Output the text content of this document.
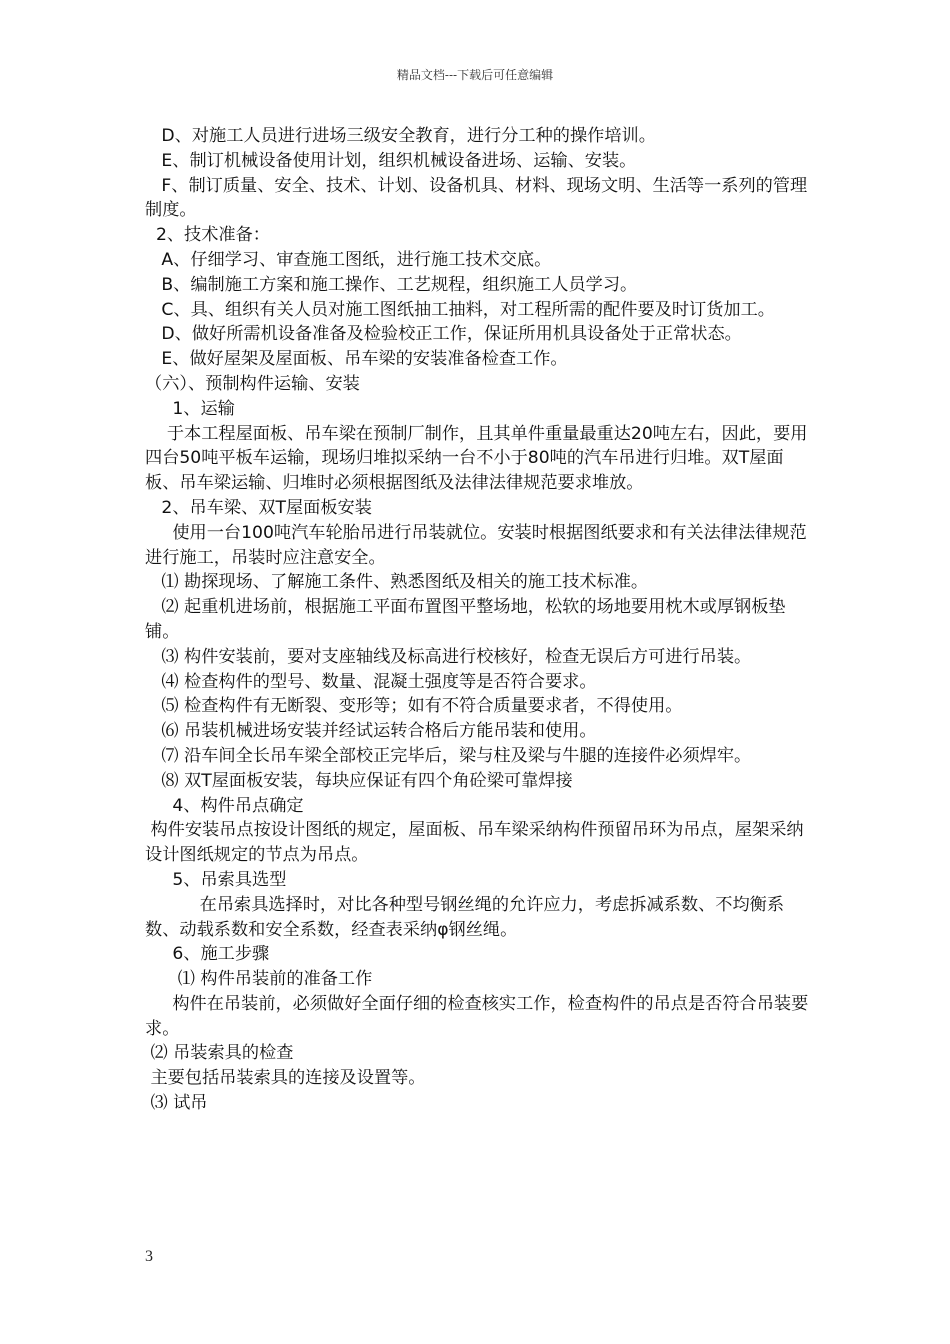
精品文档---下载后可任意编辑

D、对施工人员进行进场三级安全教育，进行分工种的操作培训。

E、制订机械设备使用计划，组织机械设备进场、运输、安装。

F、制订质量、安全、技术、计划、设备机具、材料、现场文明、生活等一系列的管理制度。

2、技术准备：

A、仔细学习、审查施工图纸，进行施工技术交底。

B、编制施工方案和施工操作、工艺规程，组织施工人员学习。

C、具、组织有关人员对施工图纸抽工抽料，对工程所需的配件要及时订货加工。

D、做好所需机设备准备及检验校正工作，保证所用机具设备处于正常状态。

E、做好屋架及屋面板、吊车梁的安装准备检查工作。

（六）、预制构件运输、安装

1、运输

于本工程屋面板、吊车梁在预制厂制作，且其单件重量最重达20吨左右，因此，要用四台50吨平板车运输，现场归堆拟采纳一台不小于80吨的汽车吊进行归堆。双T屋面板、吊车梁运输、归堆时必须根据图纸及法律法律规范要求堆放。

2、吊车梁、双T屋面板安装

使用一台100吨汽车轮胎吊进行吊装就位。安装时根据图纸要求和有关法律法律规范进行施工，吊装时应注意安全。

⑴ 勘探现场、了解施工条件、熟悉图纸及相关的施工技术标准。

⑵ 起重机进场前，根据施工平面布置图平整场地，松软的场地要用枕木或厚钢板垫铺。

⑶ 构件安装前，要对支座轴线及标高进行校核好，检查无误后方可进行吊装。

⑷ 检查构件的型号、数量、混凝土强度等是否符合要求。

⑸ 检查构件有无断裂、变形等；如有不符合质量要求者，不得使用。

⑹ 吊装机械进场安装并经试运转合格后方能吊装和使用。

⑺ 沿车间全长吊车梁全部校正完毕后，梁与柱及梁与牛腿的连接件必须焊牢。

⑻ 双T屋面板安装，每块应保证有四个角砼梁可靠焊接

4、构件吊点确定

构件安装吊点按设计图纸的规定，屋面板、吊车梁采纳构件预留吊环为吊点，屋架采纳设计图纸规定的节点为吊点。

5、吊索具选型

在吊索具选择时，对比各种型号钢丝绳的允许应力，考虑拆减系数、不均衡系数、动载系数和安全系数，经查表采纳φ钢丝绳。

6、施工步骤

⑴ 构件吊装前的准备工作

构件在吊装前，必须做好全面仔细的检查核实工作，检查构件的吊点是否符合吊装要求。

⑵ 吊装索具的检查

主要包括吊装索具的连接及设置等。

⑶ 试吊

3
